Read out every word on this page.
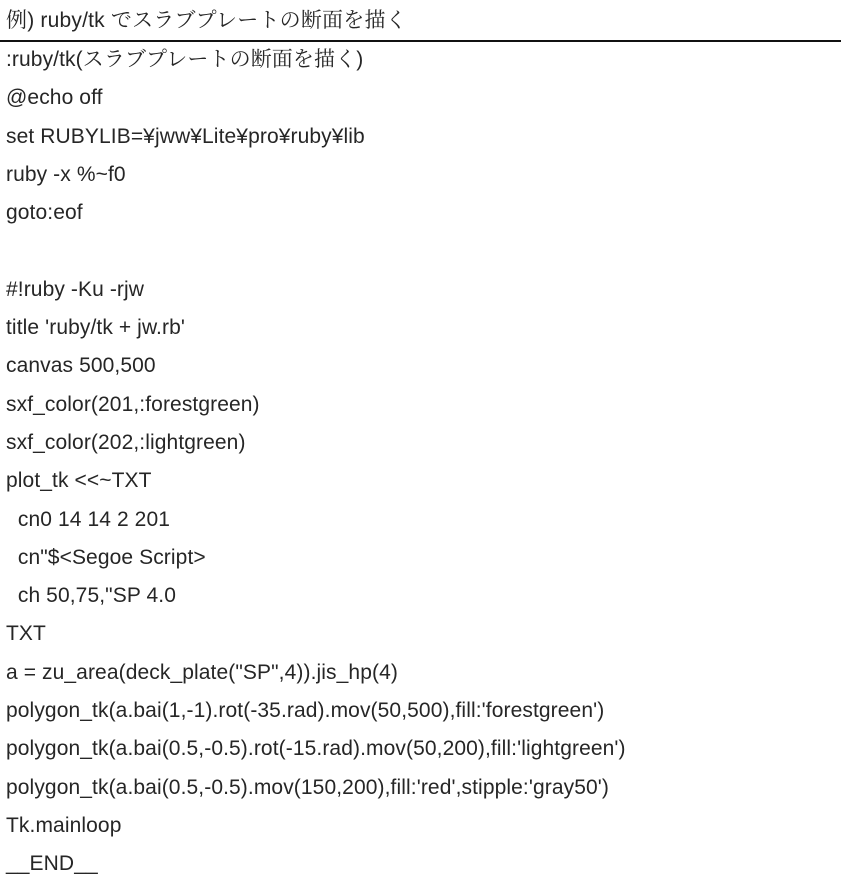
例) ruby/tk でスラブプレートの断面を描く
:ruby/tk(スラブプレートの断面を描く)
@echo off
set RUBYLIB=¥jww¥Lite¥pro¥ruby¥lib
ruby -x %~f0
goto:eof
#!ruby -Ku -rjw
title 'ruby/tk + jw.rb'
canvas 500,500
sxf_color(201,:forestgreen)
sxf_color(202,:lightgreen)
plot_tk <<~TXT
cn0 14 14 2 201
cn"$<Segoe Script>
ch 50,75,"SP 4.0
TXT
a = zu_area(deck_plate("SP",4)).jis_hp(4)
polygon_tk(a.bai(1,-1).rot(-35.rad).mov(50,500),fill:'forestgreen')
polygon_tk(a.bai(0.5,-0.5).rot(-15.rad).mov(50,200),fill:'lightgreen')
polygon_tk(a.bai(0.5,-0.5).mov(150,200),fill:'red',stipple:'gray50')
Tk.mainloop
__END__
